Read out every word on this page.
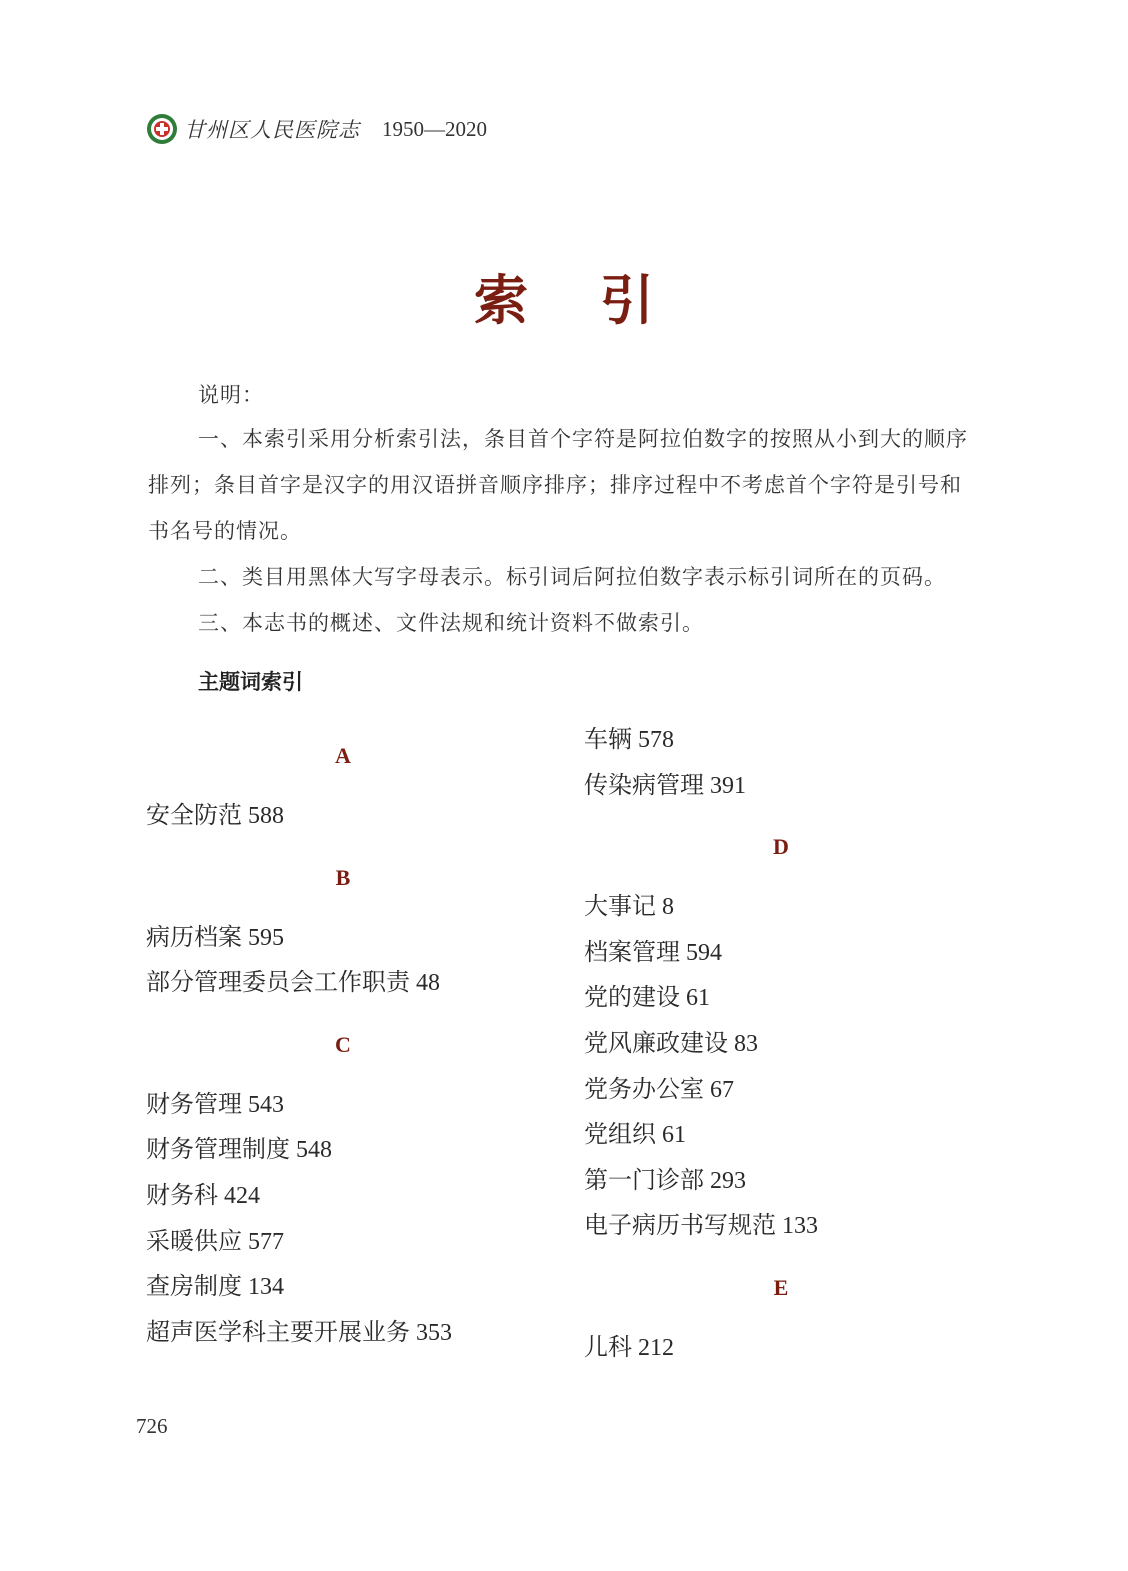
甘州区人民医院志 1950—2020
索引
说明：
一、本索引采用分析索引法，条目首个字符是阿拉伯数字的按照从小到大的顺序排列；条目首字是汉字的用汉语拼音顺序排序；排序过程中不考虑首个字符是引号和书名号的情况。
二、类目用黑体大写字母表示。标引词后阿拉伯数字表示标引词所在的页码。
三、本志书的概述、文件法规和统计资料不做索引。
主题词索引
A
安全防范 588
B
病历档案 595
部分管理委员会工作职责 48
C
财务管理 543
财务管理制度 548
财务科 424
采暖供应 577
查房制度 134
超声医学科主要开展业务 353
车辆 578
传染病管理 391
D
大事记 8
档案管理 594
党的建设 61
党风廉政建设 83
党务办公室 67
党组织 61
第一门诊部 293
电子病历书写规范 133
E
儿科 212
726
